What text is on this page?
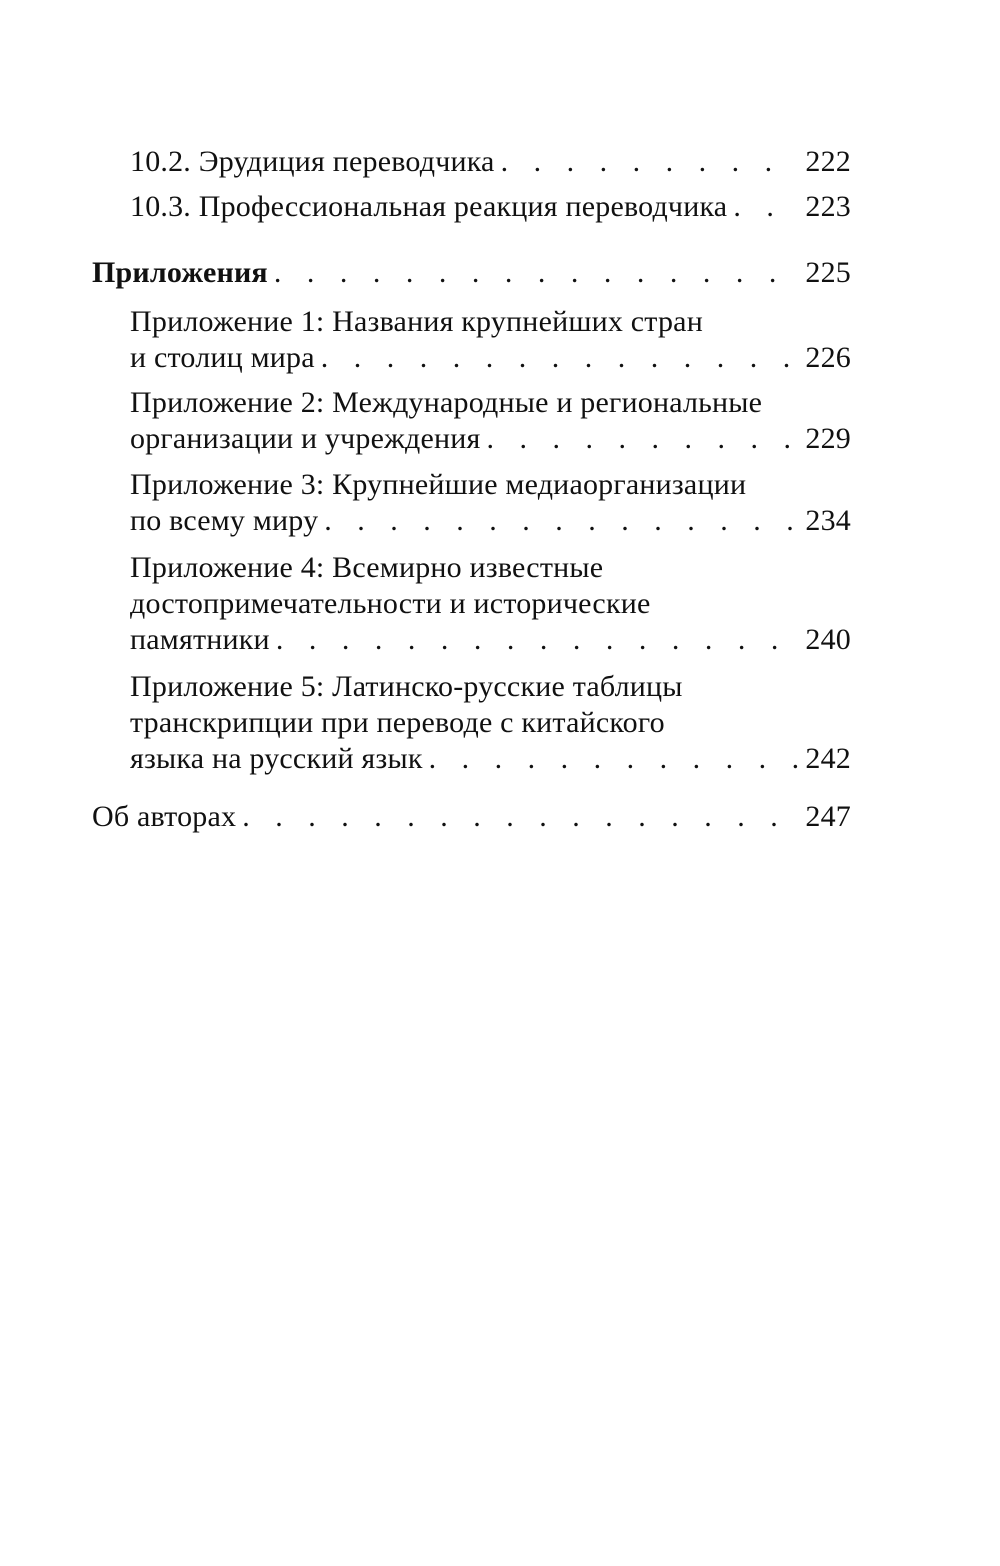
10.2. Эрудиция переводчика . . .	222
10.3. Профессиональная реакция переводчика . . .	223
Приложения . . .	225
Приложение 1: Названия крупнейших стран
и столиц мира . . .	226
Приложение 2: Международные и региональные
организации и учреждения . . .	229
Приложение 3: Крупнейшие медиаорганизации
по всему миру . . .	234
Приложение 4: Всемирно известные
достопримечательности и исторические
памятники . . .	240
Приложение 5: Латинско-русские таблицы
транскрипции при переводе с китайского
языка на русский язык . . .	242
Об авторах . . .	247
